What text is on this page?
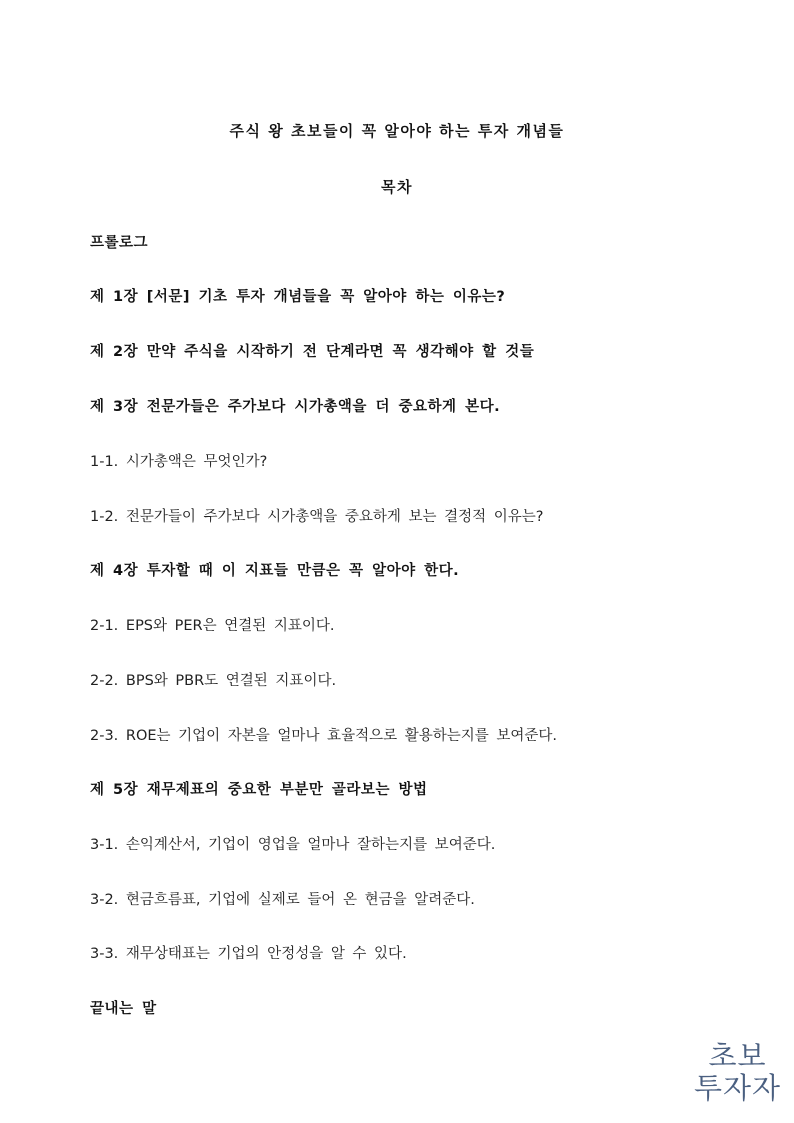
주식 왕 초보들이 꼭 알아야 하는 투자 개념들
목차
프롤로그
제 1장 [서문] 기초 투자 개념들을 꼭 알아야 하는 이유는?
제 2장 만약 주식을 시작하기 전 단계라면 꼭 생각해야 할 것들
제 3장 전문가들은 주가보다 시가총액을 더 중요하게 본다.
1-1. 시가총액은 무엇인가?
1-2. 전문가들이 주가보다 시가총액을 중요하게 보는 결정적 이유는?
제 4장 투자할 때 이 지표들 만큼은 꼭 알아야 한다.
2-1. EPS와 PER은 연결된 지표이다.
2-2. BPS와 PBR도 연결된 지표이다.
2-3. ROE는 기업이 자본을 얼마나 효율적으로 활용하는지를 보여준다.
제 5장 재무제표의 중요한 부분만 골라보는 방법
3-1. 손익계산서, 기업이 영업을 얼마나 잘하는지를 보여준다.
3-2. 현금흐름표, 기업에 실제로 들어 온 현금을 알려준다.
3-3. 재무상태표는 기업의 안정성을 알 수 있다.
끝내는 말
초보
투자자
